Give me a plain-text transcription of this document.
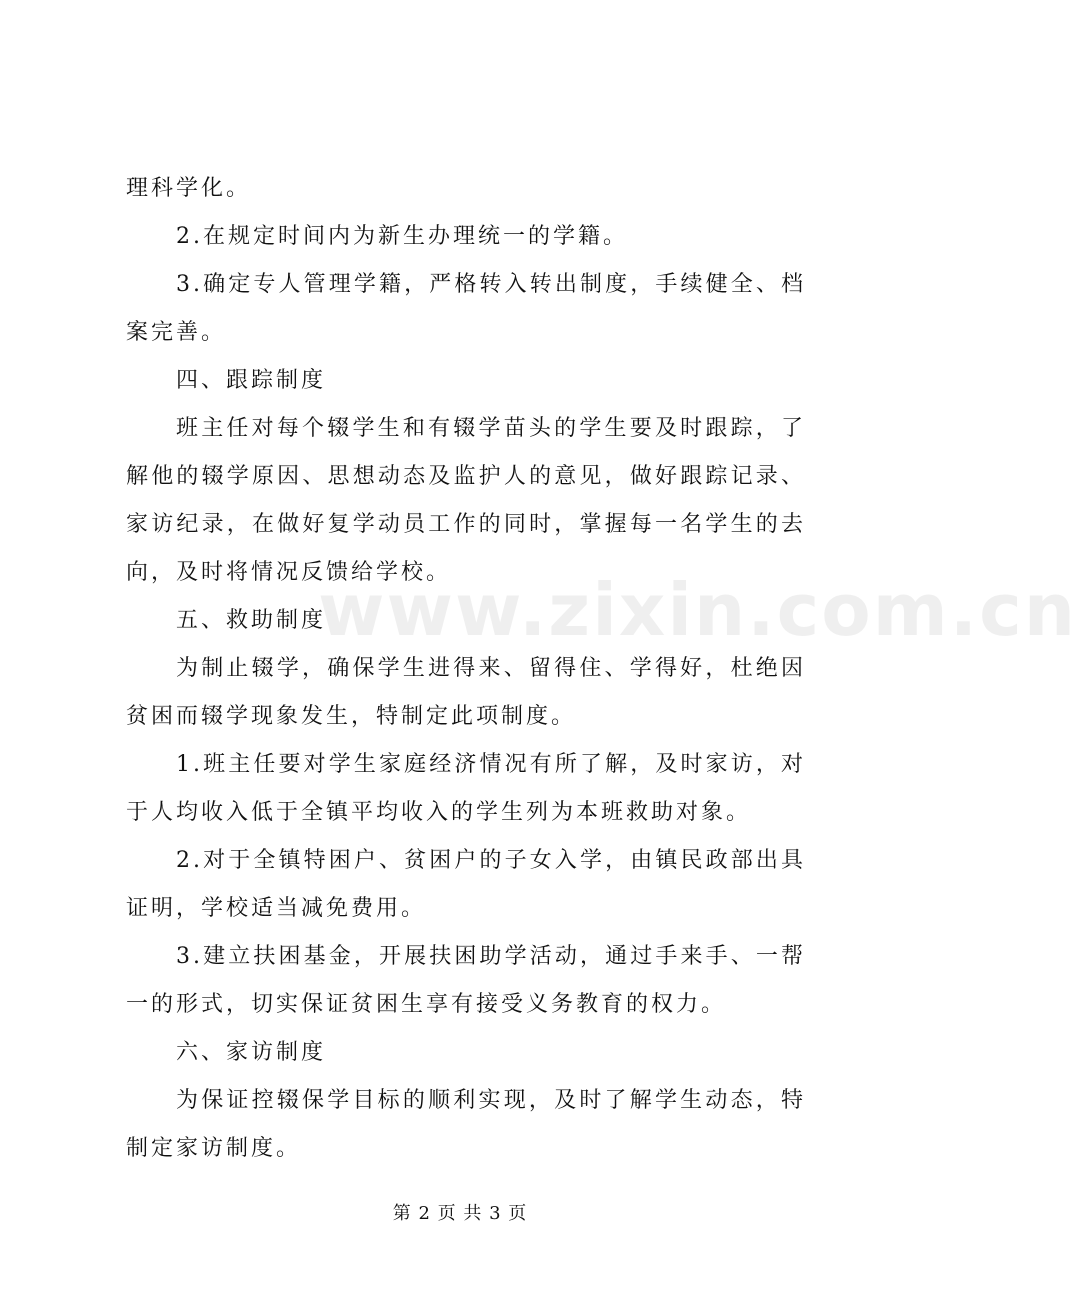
www.zixin.com.cn

理科学化。

2.在规定时间内为新生办理统一的学籍。

3.确定专人管理学籍，严格转入转出制度，手续健全、档案完善。

四、跟踪制度

班主任对每个辍学生和有辍学苗头的学生要及时跟踪，了解他的辍学原因、思想动态及监护人的意见，做好跟踪记录、家访纪录，在做好复学动员工作的同时，掌握每一名学生的去向，及时将情况反馈给学校。

五、救助制度

为制止辍学，确保学生进得来、留得住、学得好，杜绝因贫困而辍学现象发生，特制定此项制度。

1.班主任要对学生家庭经济情况有所了解，及时家访，对于人均收入低于全镇平均收入的学生列为本班救助对象。

2.对于全镇特困户、贫困户的子女入学，由镇民政部出具证明，学校适当减免费用。

3.建立扶困基金，开展扶困助学活动，通过手来手、一帮一的形式，切实保证贫困生享有接受义务教育的权力。

六、家访制度

为保证控辍保学目标的顺利实现，及时了解学生动态，特制定家访制度。

第 2 页 共 3 页
